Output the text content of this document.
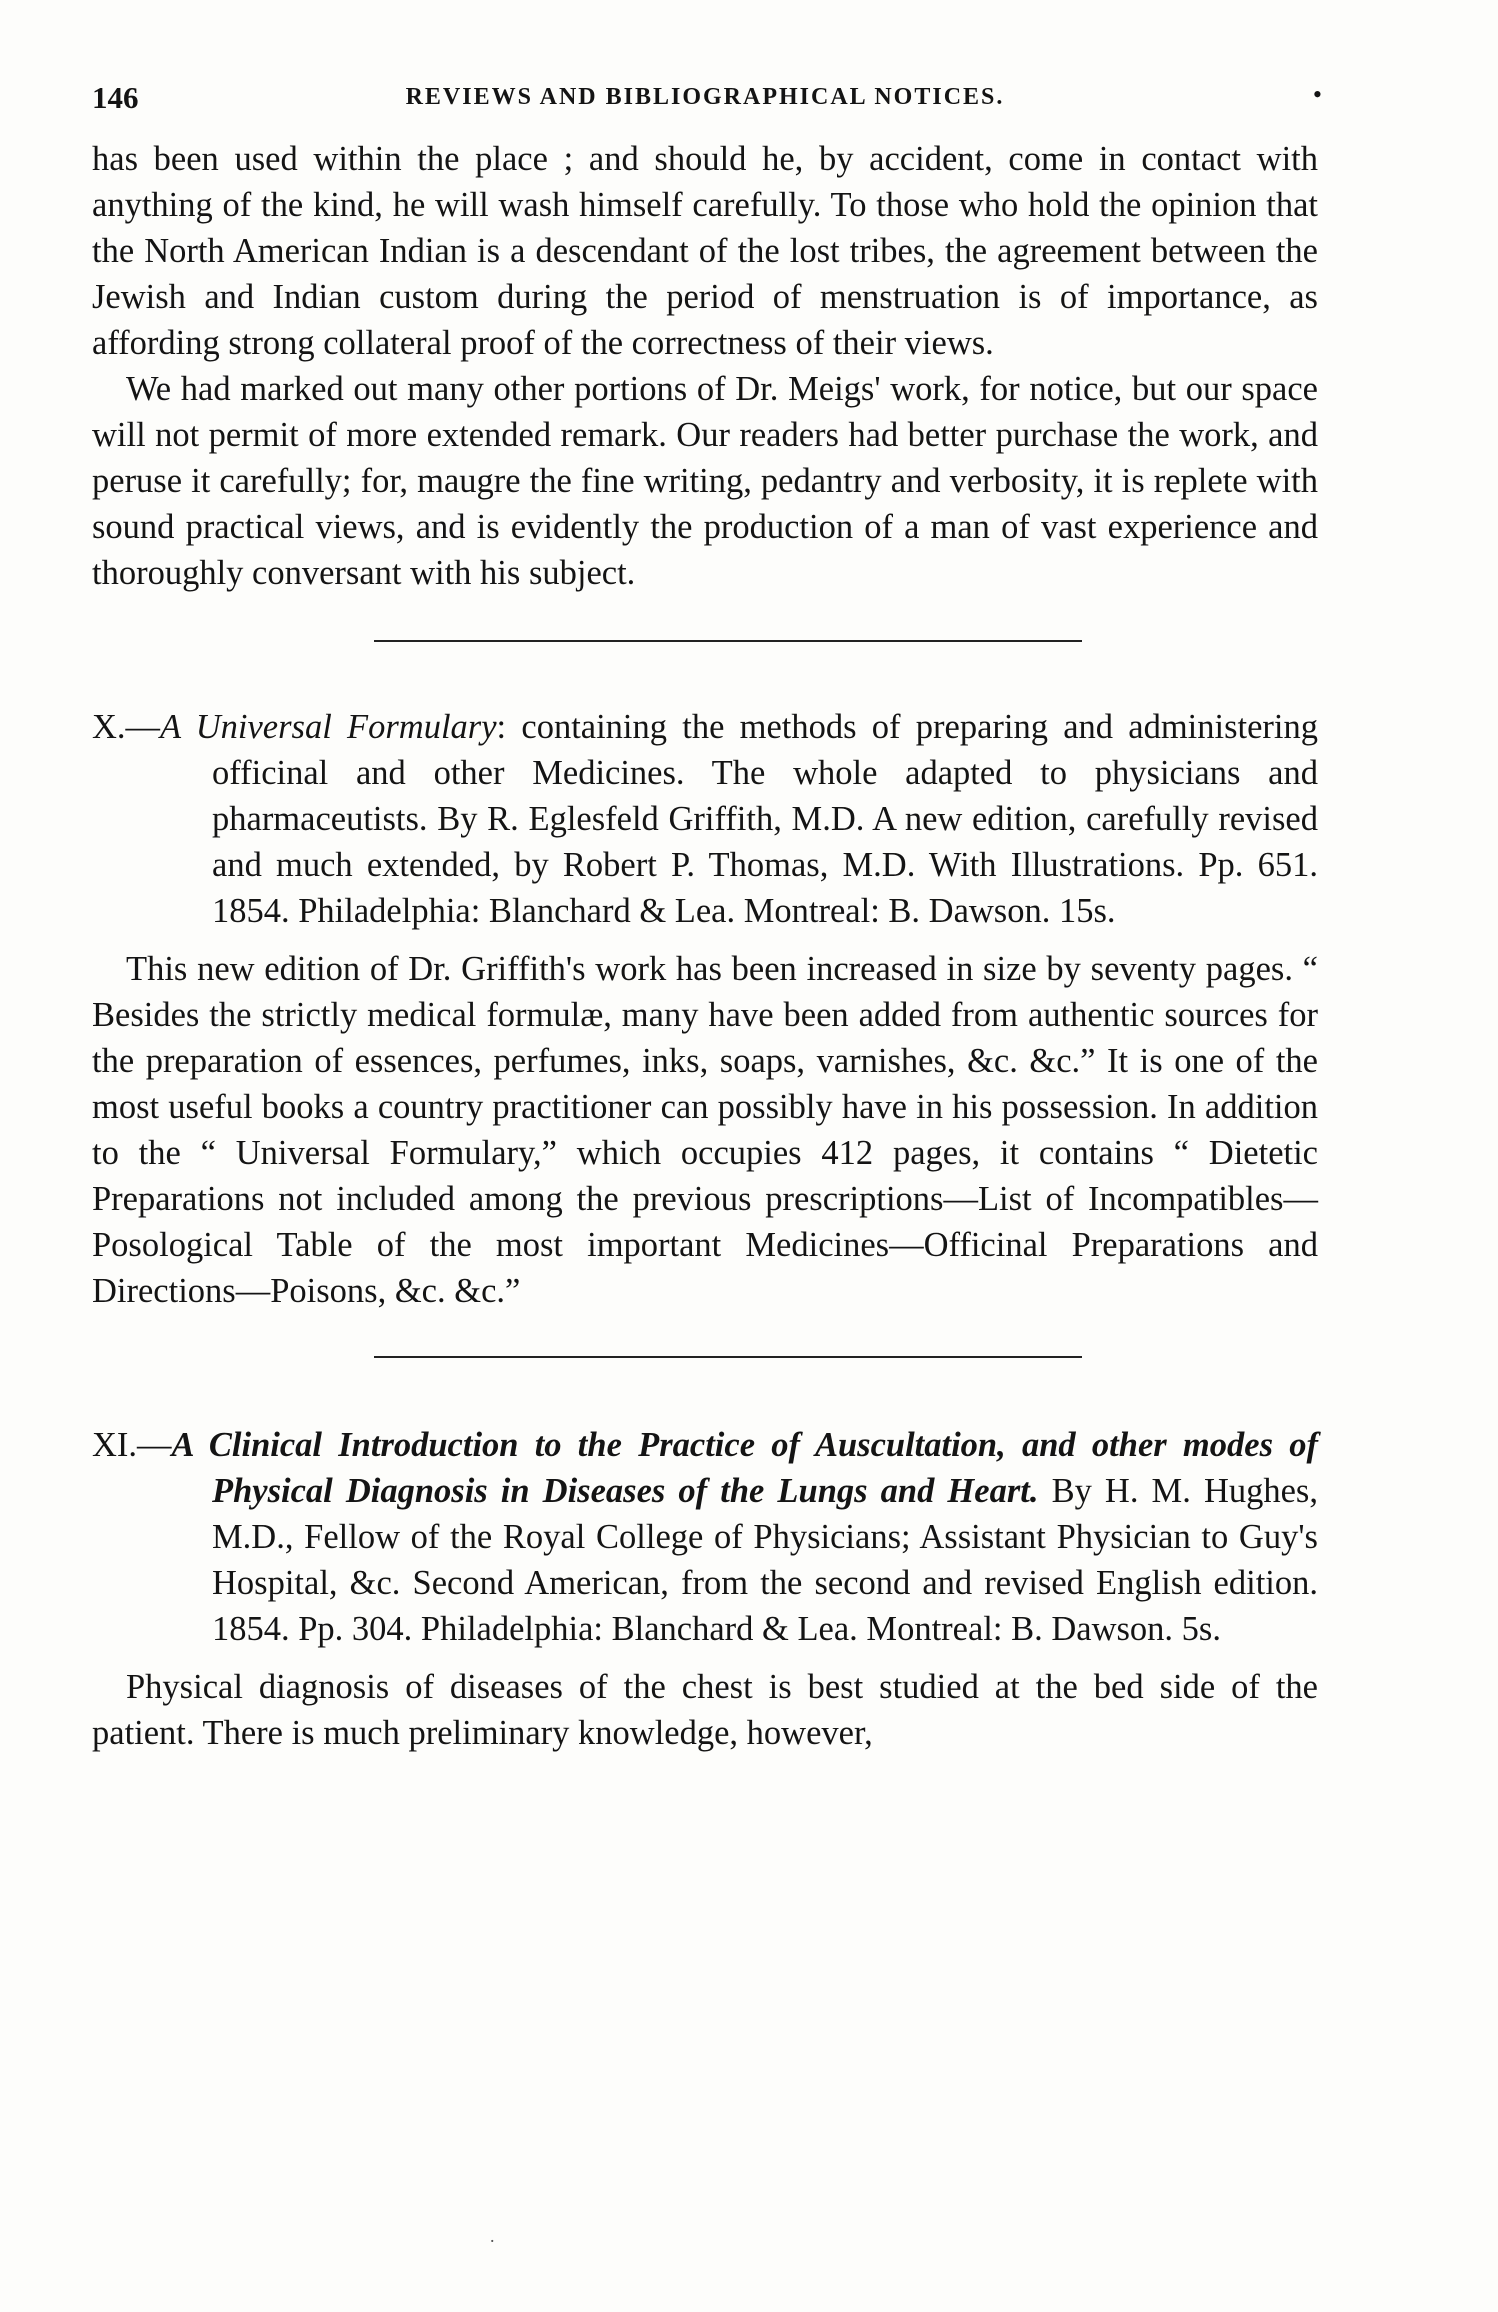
146	REVIEWS AND BIBLIOGRAPHICAL NOTICES.	•

has been used within the place ; and should he, by accident, come in contact with anything of the kind, he will wash himself carefully. To those who hold the opinion that the North American Indian is a descendant of the lost tribes, the agreement between the Jewish and Indian custom during the period of menstruation is of importance, as affording strong collateral proof of the correctness of their views.

We had marked out many other portions of Dr. Meigs' work, for notice, but our space will not permit of more extended remark. Our readers had better purchase the work, and peruse it carefully; for, maugre the fine writing, pedantry and verbosity, it is replete with sound practical views, and is evidently the production of a man of vast experience and thoroughly conversant with his subject.

X.—A Universal Formulary: containing the methods of preparing and administering officinal and other Medicines. The whole adapted to physicians and pharmaceutists. By R. Eglesfeld Griffith, M.D. A new edition, carefully revised and much extended, by Robert P. Thomas, M.D. With Illustrations. Pp. 651. 1854. Philadelphia: Blanchard & Lea. Montreal: B. Dawson. 15s.

This new edition of Dr. Griffith's work has been increased in size by seventy pages. “ Besides the strictly medical formulæ, many have been added from authentic sources for the preparation of essences, perfumes, inks, soaps, varnishes, &c. &c.” It is one of the most useful books a country practitioner can possibly have in his possession. In addition to the “ Universal Formulary,” which occupies 412 pages, it contains “ Dietetic Preparations not included among the previous prescriptions—List of Incompatibles—Posological Table of the most important Medicines—Officinal Preparations and Directions—Poisons, &c. &c.”

XI.—A Clinical Introduction to the Practice of Auscultation, and other modes of Physical Diagnosis in Diseases of the Lungs and Heart. By H. M. Hughes, M.D., Fellow of the Royal College of Physicians; Assistant Physician to Guy's Hospital, &c. Second American, from the second and revised English edition. 1854. Pp. 304. Philadelphia: Blanchard & Lea. Montreal: B. Dawson. 5s.

Physical diagnosis of diseases of the chest is best studied at the bed side of the patient. There is much preliminary knowledge, however,

.
